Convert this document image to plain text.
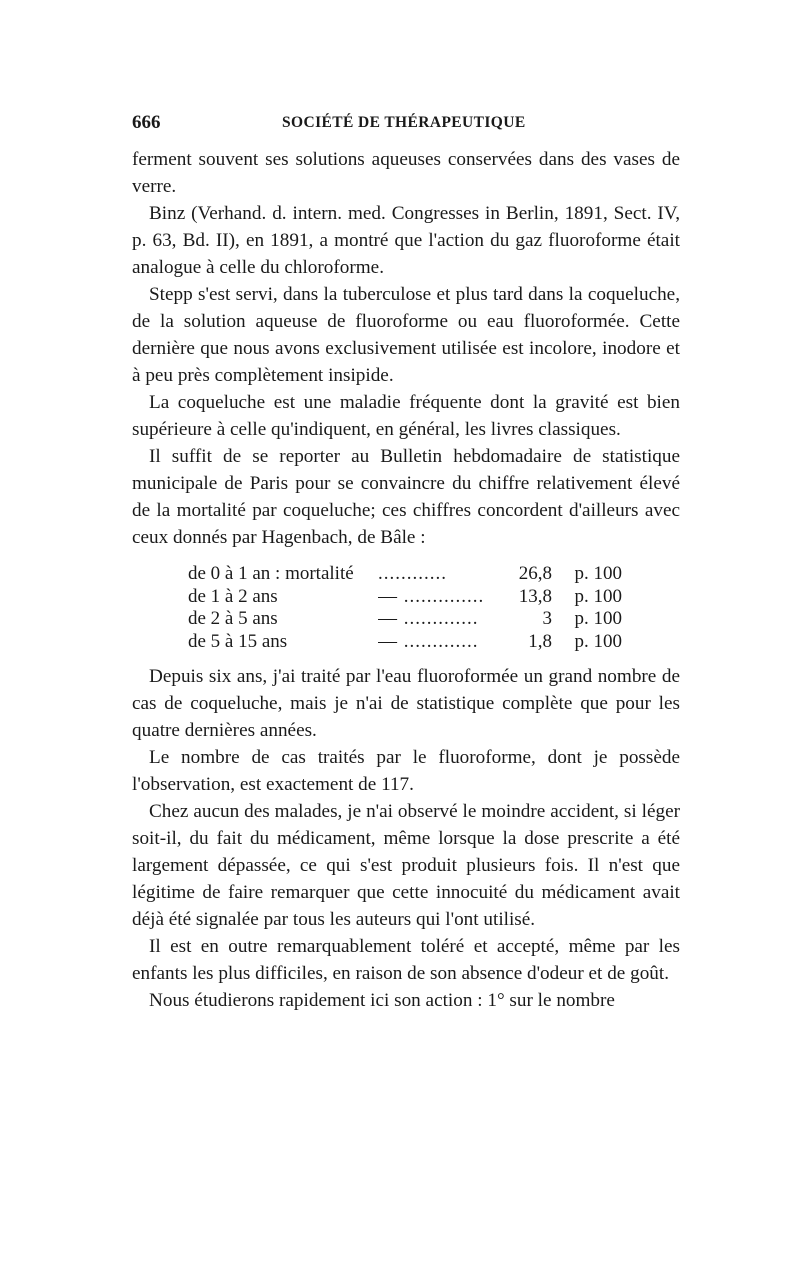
666	SOCIÉTÉ DE THÉRAPEUTIQUE

ferment souvent ses solutions aqueuses conservées dans des vases de verre.

Binz (Verhand. d. intern. med. Congresses in Berlin, 1891, Sect. IV, p. 63, Bd. II), en 1891, a montré que l'action du gaz fluoroforme était analogue à celle du chloroforme.

Stepp s'est servi, dans la tuberculose et plus tard dans la coqueluche, de la solution aqueuse de fluoroforme ou eau fluoroformée. Cette dernière que nous avons exclusivement utilisée est incolore, inodore et à peu près complètement insipide.

La coqueluche est une maladie fréquente dont la gravité est bien supérieure à celle qu'indiquent, en général, les livres classiques.

Il suffit de se reporter au Bulletin hebdomadaire de statistique municipale de Paris pour se convaincre du chiffre relativement élevé de la mortalité par coqueluche; ces chiffres concordent d'ailleurs avec ceux donnés par Hagenbach, de Bâle :

de 0 à 1 an : mortalité	............	26,8	p. 100
de 1 à 2 ans	— ..............	13,8	p. 100
de 2 à 5 ans	— .............	3	p. 100
de 5 à 15 ans	— .............	1,8	p. 100

Depuis six ans, j'ai traité par l'eau fluoroformée un grand nombre de cas de coqueluche, mais je n'ai de statistique complète que pour les quatre dernières années.

Le nombre de cas traités par le fluoroforme, dont je possède l'observation, est exactement de 117.

Chez aucun des malades, je n'ai observé le moindre accident, si léger soit-il, du fait du médicament, même lorsque la dose prescrite a été largement dépassée, ce qui s'est produit plusieurs fois. Il n'est que légitime de faire remarquer que cette innocuité du médicament avait déjà été signalée par tous les auteurs qui l'ont utilisé.

Il est en outre remarquablement toléré et accepté, même par les enfants les plus difficiles, en raison de son absence d'odeur et de goût.

Nous étudierons rapidement ici son action : 1° sur le nombre
